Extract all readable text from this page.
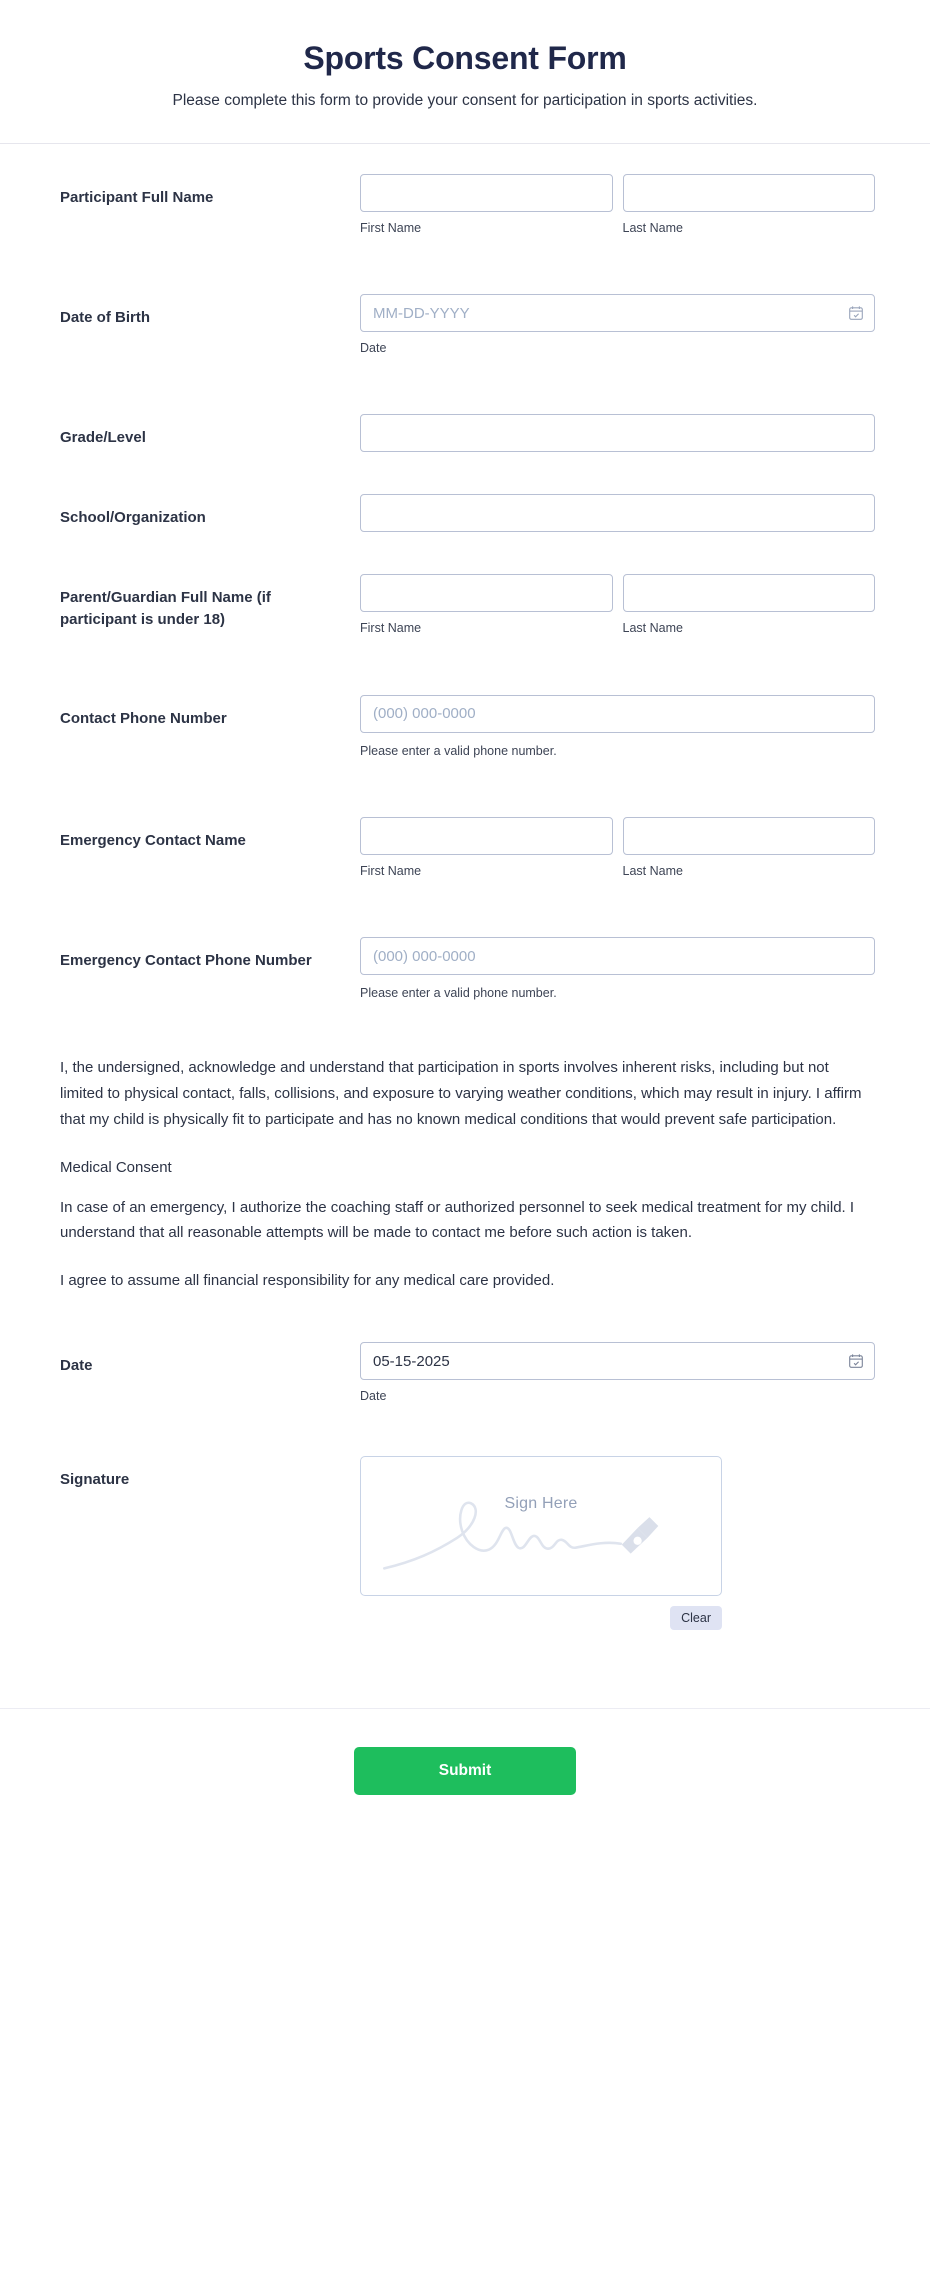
Sports Consent Form
Please complete this form to provide your consent for participation in sports activities.
Participant Full Name
First Name	Last Name
Date of Birth
MM-DD-YYYY
Date
Grade/Level
School/Organization
Parent/Guardian Full Name (if participant is under 18)
First Name	Last Name
Contact Phone Number
(000) 000-0000
Please enter a valid phone number.
Emergency Contact Name
First Name	Last Name
Emergency Contact Phone Number
(000) 000-0000
Please enter a valid phone number.
I, the undersigned, acknowledge and understand that participation in sports involves inherent risks, including but not limited to physical contact, falls, collisions, and exposure to varying weather conditions, which may result in injury. I affirm that my child is physically fit to participate and has no known medical conditions that would prevent safe participation.
Medical Consent
In case of an emergency, I authorize the coaching staff or authorized personnel to seek medical treatment for my child. I understand that all reasonable attempts will be made to contact me before such action is taken.
I agree to assume all financial responsibility for any medical care provided.
Date
05-15-2025
Date
Signature
Sign Here
Clear
Submit
